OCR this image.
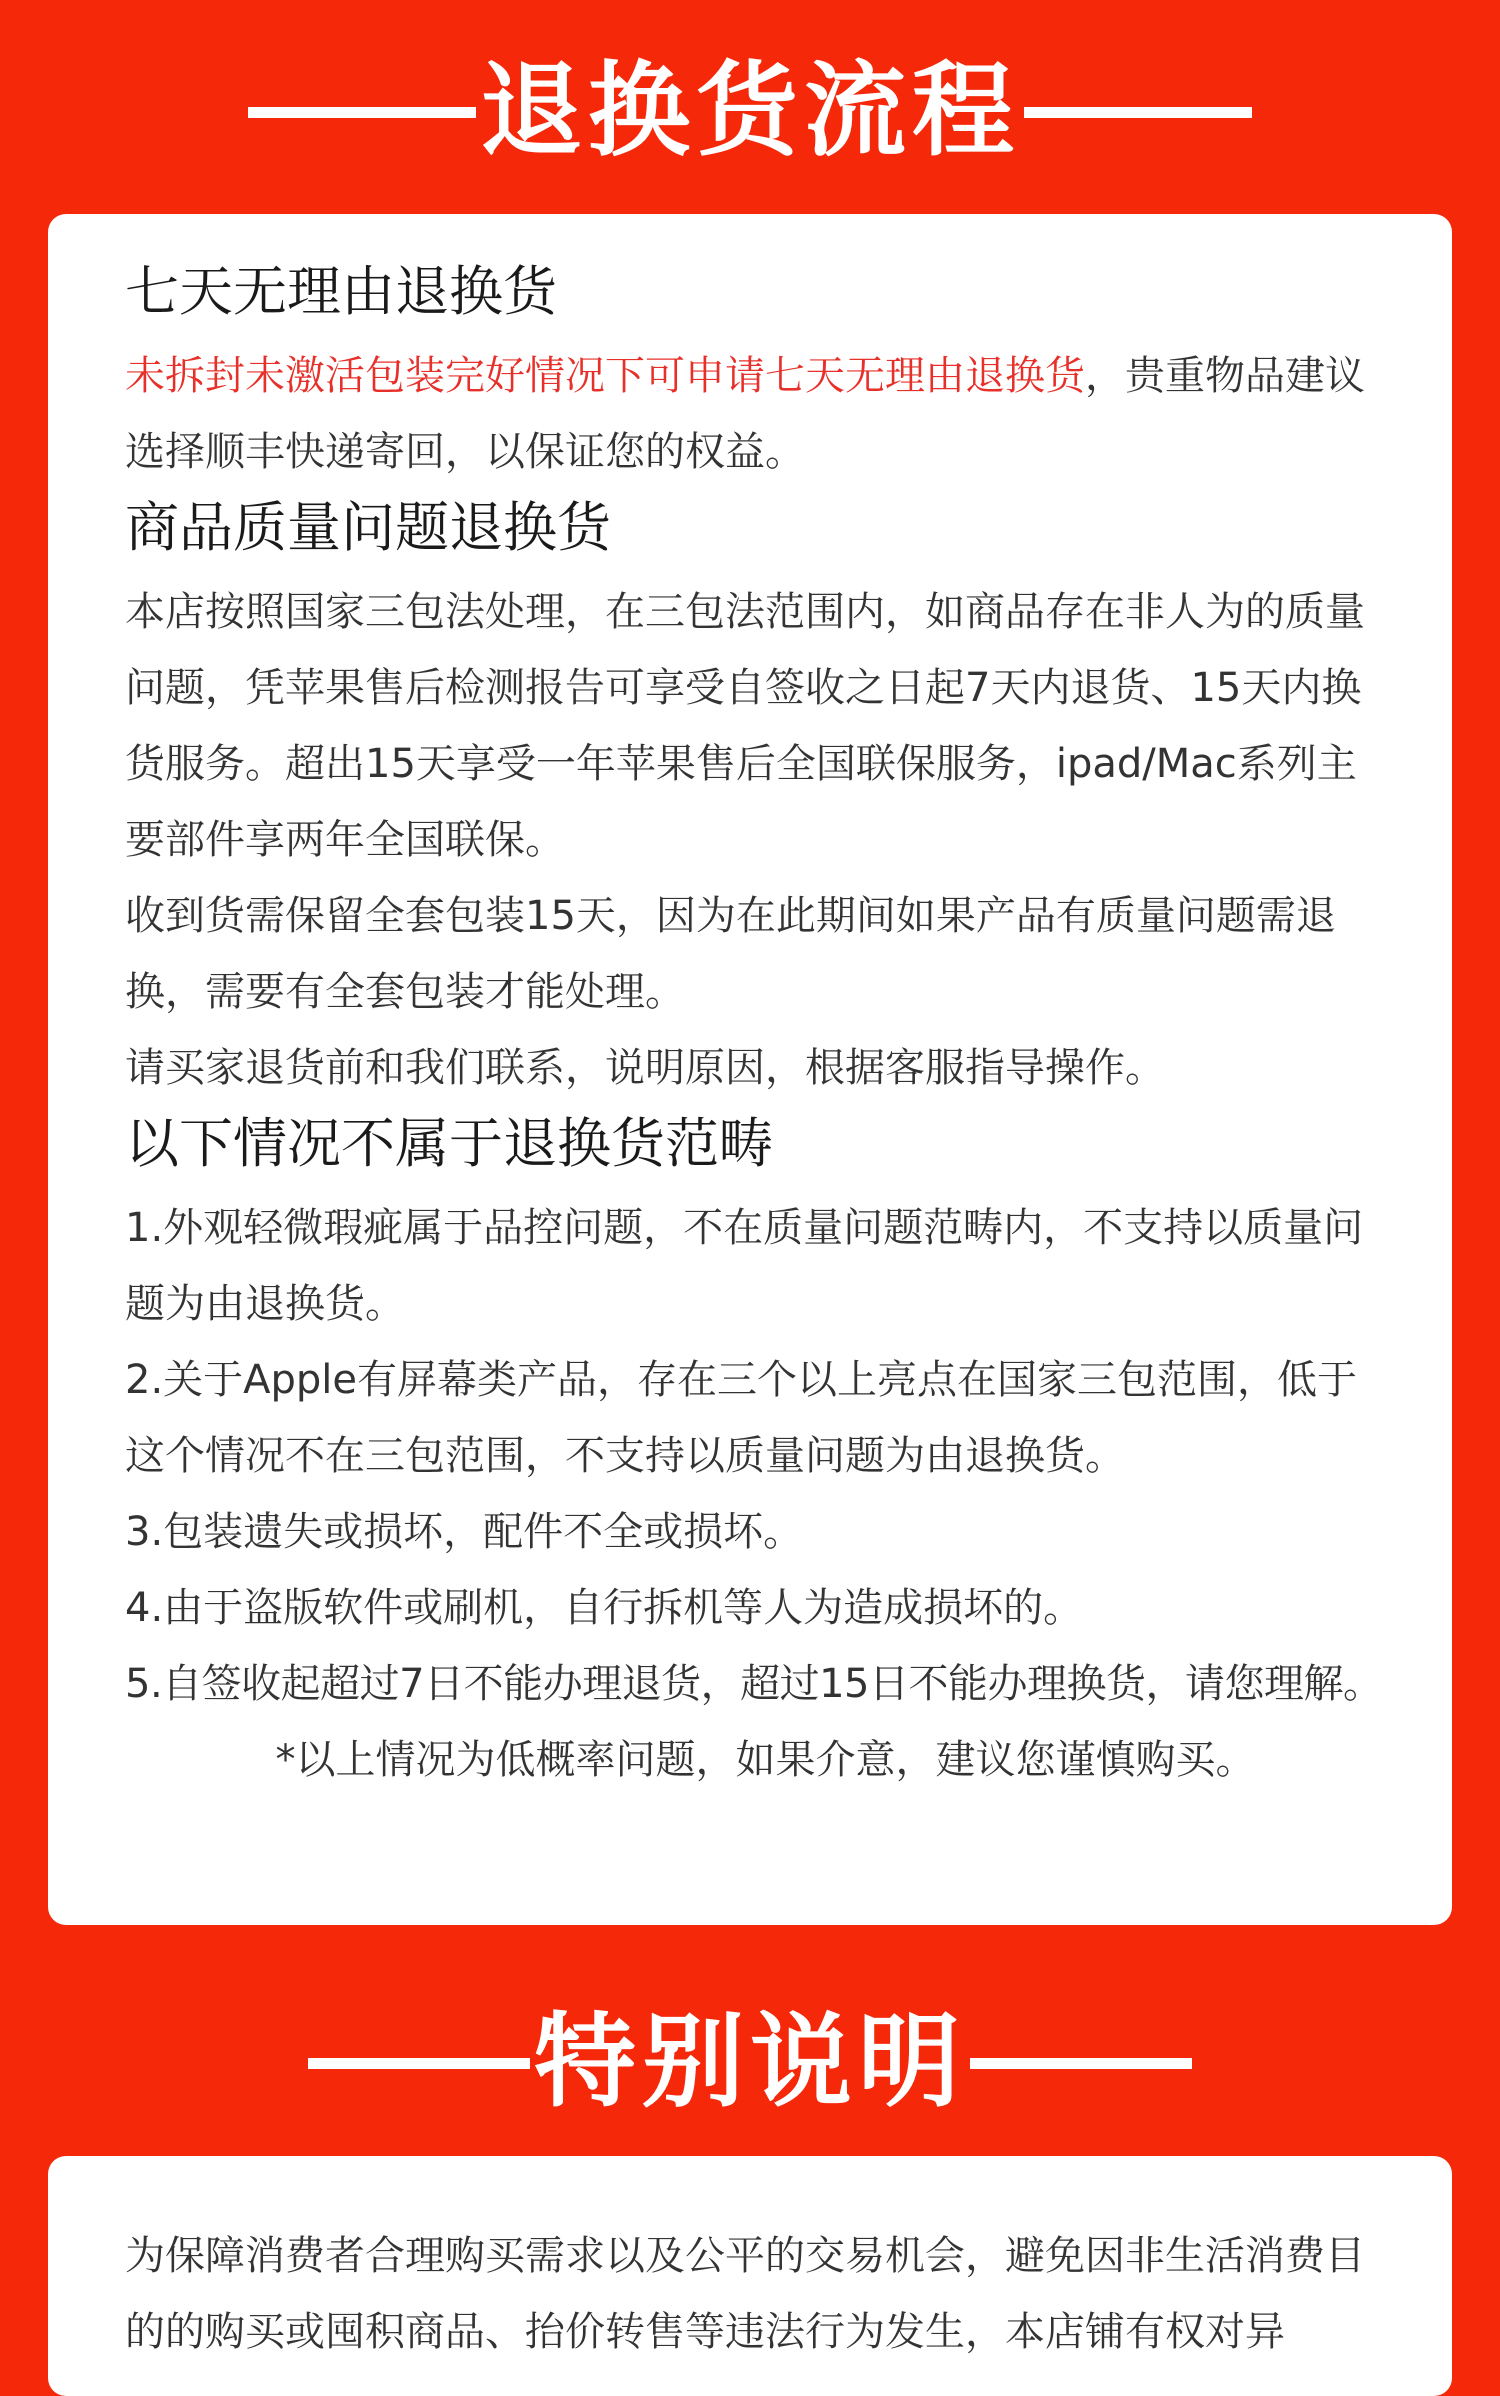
退换货流程
七天无理由退换货

未拆封未激活包装完好情况下可申请七天无理由退换货，贵重物品建议选择顺丰快递寄回，以保证您的权益。

商品质量问题退换货

本店按照国家三包法处理，在三包法范围内，如商品存在非人为的质量问题，凭苹果售后检测报告可享受自签收之日起7天内退货、15天内换货服务。超出15天享受一年苹果售后全国联保服务，ipad/Mac系列主要部件享两年全国联保。

收到货需保留全套包装15天，因为在此期间如果产品有质量问题需退换，需要有全套包装才能处理。

请买家退货前和我们联系，说明原因，根据客服指导操作。

以下情况不属于退换货范畴

1.外观轻微瑕疵属于品控问题，不在质量问题范畴内，不支持以质量问题为由退换货。

2.关于Apple有屏幕类产品，存在三个以上亮点在国家三包范围，低于这个情况不在三包范围，不支持以质量问题为由退换货。

3.包装遗失或损坏，配件不全或损坏。

4.由于盗版软件或刷机，自行拆机等人为造成损坏的。

5.自签收起超过7日不能办理退货，超过15日不能办理换货，请您理解。

*以上情况为低概率问题，如果介意，建议您谨慎购买。
特别说明

为保障消费者合理购买需求以及公平的交易机会，避免因非生活消费目的的购买或囤积商品、抬价转售等违法行为发生，本店铺有权对异
